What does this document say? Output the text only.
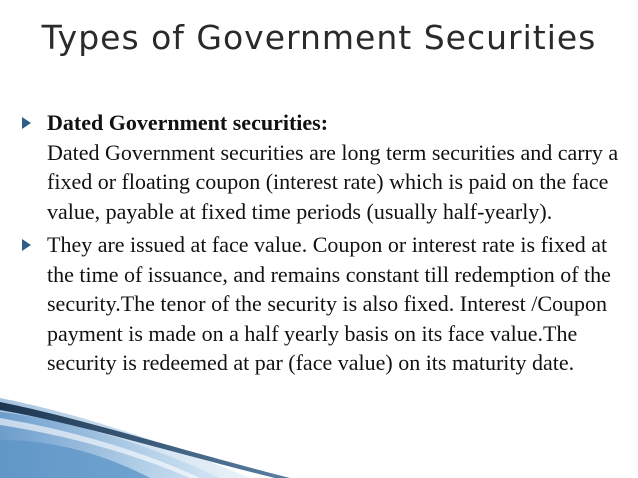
Types of Government Securities
Dated Government securities:
Dated Government securities are long term securities and carry a fixed or floating coupon (interest rate) which is paid on the face value, payable at fixed time periods (usually half-yearly).
They are issued at face value. Coupon or interest rate is fixed at the time of issuance, and remains constant till redemption of the security.The tenor of the security is also fixed. Interest /Coupon payment is made on a half yearly basis on its face value.The security is redeemed at par (face value) on its maturity date.
